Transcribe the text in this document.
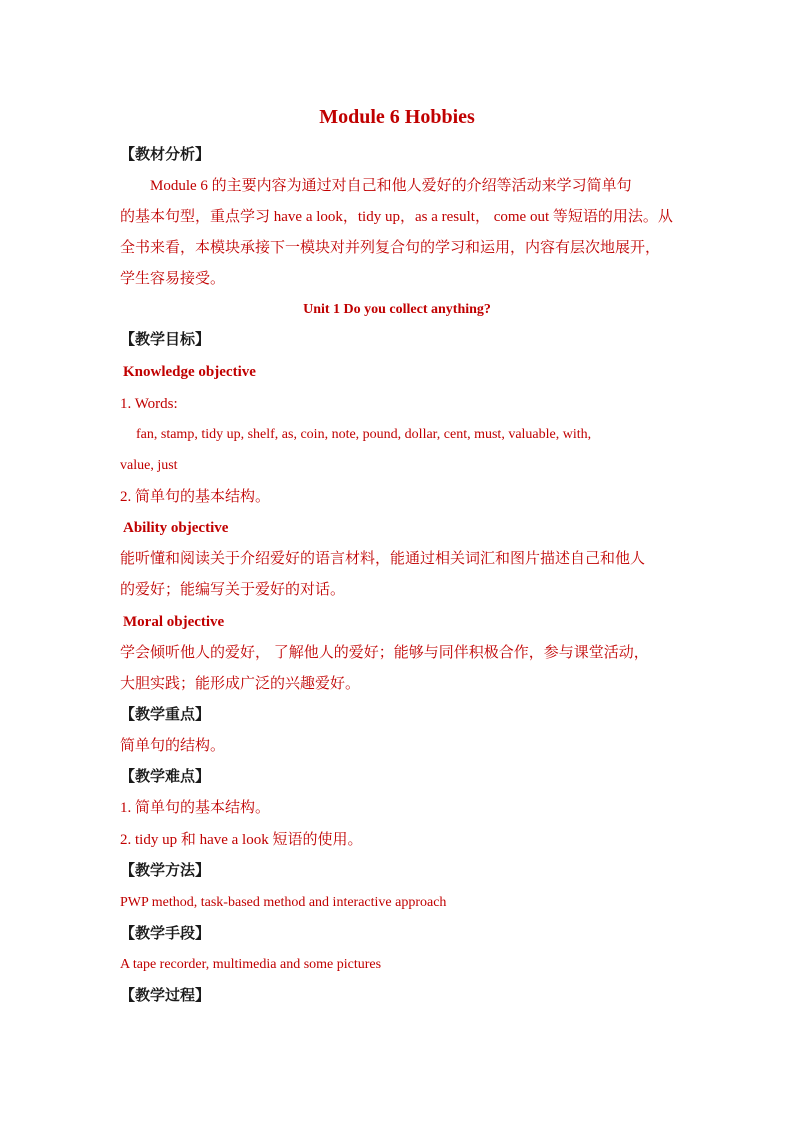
Module 6 Hobbies
【教材分析】
Module 6 的主要内容为通过对自己和他人爱好的介绍等活动来学习简单句
的基本句型，重点学习 have a look，tidy up，as a result， come out 等短语的用法。从
全书来看，本模块承接下一模块对并列复合句的学习和运用，内容有层次地展开，
学生容易接受。
Unit 1 Do you collect anything?
【教学目标】
Knowledge objective
1. Words:
fan, stamp, tidy up, shelf, as, coin, note, pound, dollar, cent, must, valuable, with,
value, just
2. 简单句的基本结构。
Ability objective
能听懂和阅读关于介绍爱好的语言材料，能通过相关词汇和图片描述自己和他人
的爱好；能编写关于爱好的对话。
Moral objective
学会倾听他人的爱好， 了解他人的爱好；能够与同伴积极合作，参与课堂活动，
大胆实践；能形成广泛的兴趣爱好。
【教学重点】
简单句的结构。
【教学难点】
1. 简单句的基本结构。
2. tidy up 和 have a look 短语的使用。
【教学方法】
PWP method, task-based method and interactive approach
【教学手段】
A tape recorder, multimedia and some pictures
【教学过程】
